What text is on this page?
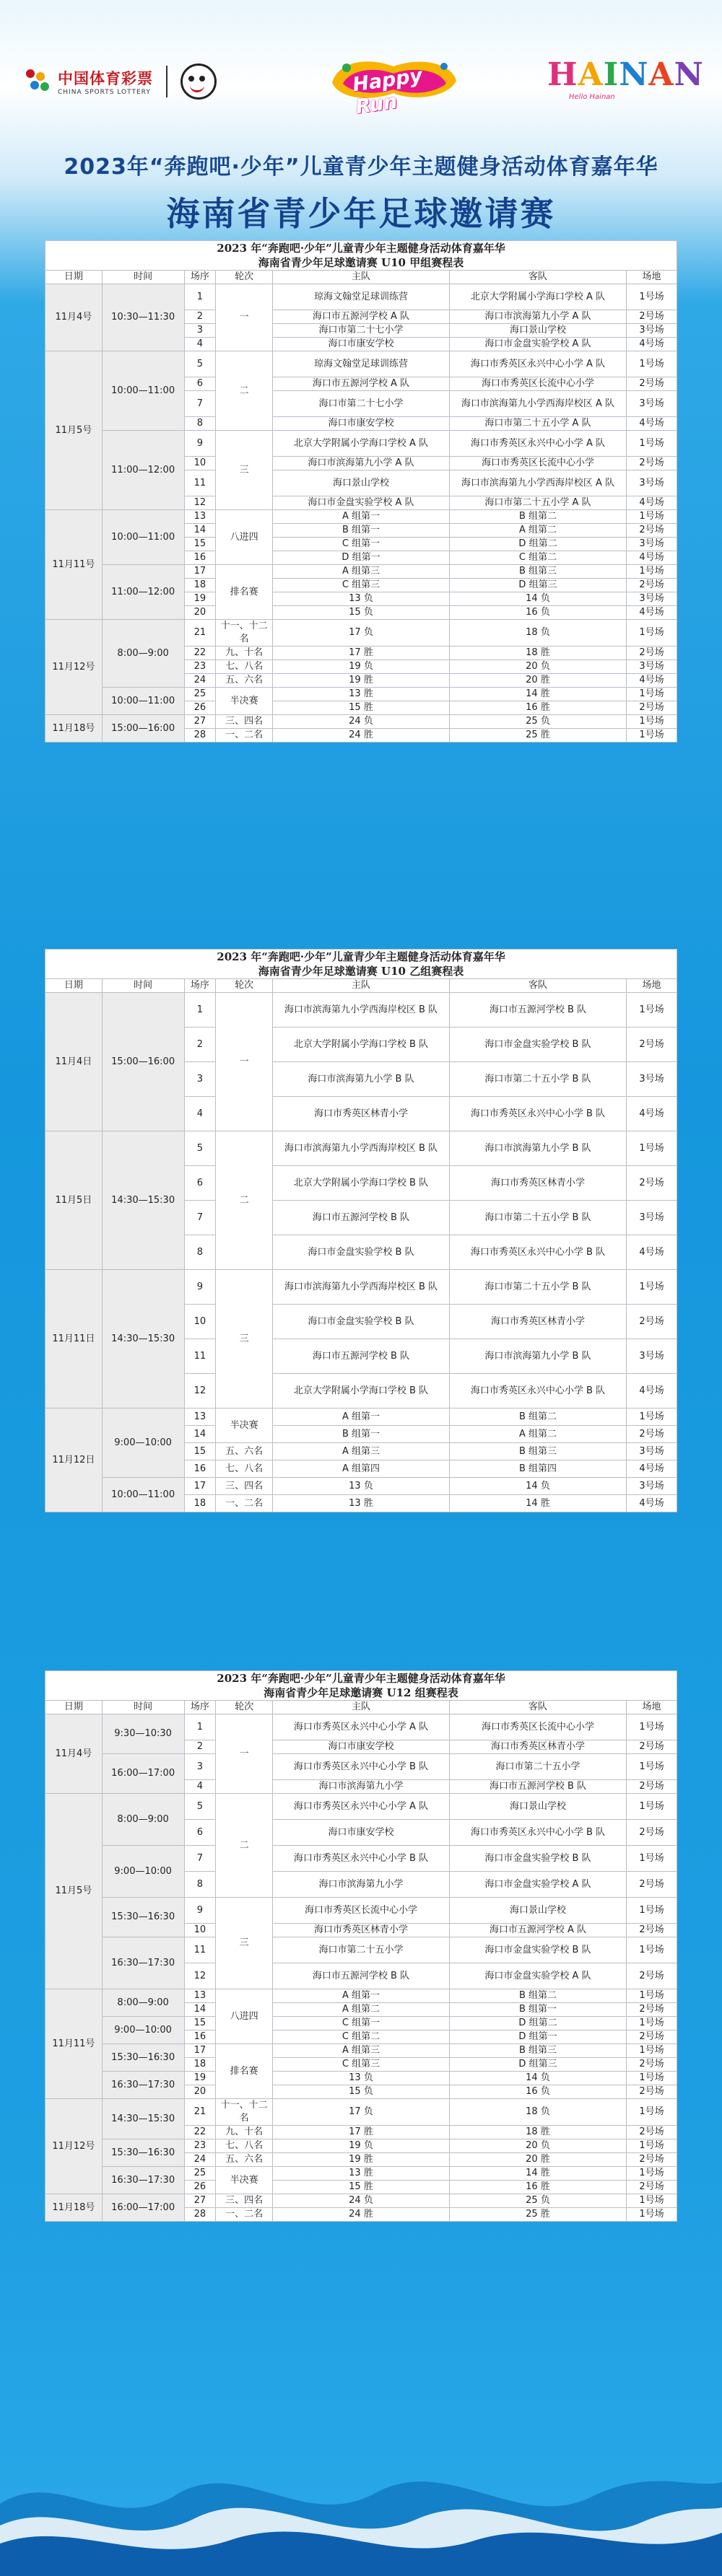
中国体育彩票
CHINA SPORTS LOTTERY	Happy Run
HAINAN
Hello Hainan
2023年“奔跑吧·少年”儿童青少年主题健身活动体育嘉年华
海南省青少年足球邀请赛
2023 年“奔跑吧·少年”儿童青少年主题健身活动体育嘉年华						
海南省青少年足球邀请赛 U10 甲组赛程表						
日期	时间	场序	轮次	主队	客队	场地
11月4号	10:30—11:30	1	一	琼海文翰堂足球训练营	北京大学附属小学海口学校 A 队	1号场
		2		海口市五源河学校 A 队	海口市滨海第九小学 A 队	2号场
		3		海口市第二十七小学	海口景山学校	3号场
		4		海口市康安学校	海口市金盘实验学校 A 队	4号场
11月5号	10:00—11:00	5	二	琼海文翰堂足球训练营	海口市秀英区永兴中心小学 A 队	1号场
		6		海口市五源河学校 A 队	海口市秀英区长流中心小学	2号场
		7		海口市第二十七小学	海口市滨海第九小学西海岸校区 A 队	3号场
		8		海口市康安学校	海口市第二十五小学 A 队	4号场
	11:00—12:00	9	三	北京大学附属小学海口学校 A 队	海口市秀英区永兴中心小学 A 队	1号场
		10		海口市滨海第九小学 A 队	海口市秀英区长流中心小学	2号场
		11		海口景山学校	海口市滨海第九小学西海岸校区 A 队	3号场
		12		海口市金盘实验学校 A 队	海口市第二十五小学 A 队	4号场
11月11号	10:00—11:00	13	八进四	A 组第一	B 组第二	1号场
		14		B 组第一	A 组第二	2号场
		15		C 组第一	D 组第二	3号场
		16		D 组第一	C 组第二	4号场
	11:00—12:00	17	排名赛	A 组第三	B 组第三	1号场
		18		C 组第三	D 组第三	2号场
		19		13 负	14 负	3号场
		20		15 负	16 负	4号场
11月12号	8:00—9:00	21	十一、十二名	17 负	18 负	1号场
		22	九、十名	17 胜	18 胜	2号场
		23	七、八名	19 负	20 负	3号场
		24	五、六名	19 胜	20 胜	4号场
	10:00—11:00	25	半决赛	13 胜	14 胜	1号场
		26		15 胜	16 胜	2号场
11月18号	15:00—16:00	27	三、四名	24 负	25 负	1号场
		28	一、二名	24 胜	25 胜	1号场
2023 年“奔跑吧·少年”儿童青少年主题健身活动体育嘉年华						
海南省青少年足球邀请赛 U10 乙组赛程表						
日期	时间	场序	轮次	主队	客队	场地
11月4日	15:00—16:00	1	一	海口市滨海第九小学西海岸校区 B 队	海口市五源河学校 B 队	1号场
		2		北京大学附属小学海口学校 B 队	海口市金盘实验学校 B 队	2号场
		3		海口市滨海第九小学 B 队	海口市第二十五小学 B 队	3号场
		4		海口市秀英区林青小学	海口市秀英区永兴中心小学 B 队	4号场
11月5日	14:30—15:30	5	二	海口市滨海第九小学西海岸校区 B 队	海口市滨海第九小学 B 队	1号场
		6		北京大学附属小学海口学校 B 队	海口市秀英区林青小学	2号场
		7		海口市五源河学校 B 队	海口市第二十五小学 B 队	3号场
		8		海口市金盘实验学校 B 队	海口市秀英区永兴中心小学 B 队	4号场
11月11日	14:30—15:30	9	三	海口市滨海第九小学西海岸校区 B 队	海口市第二十五小学 B 队	1号场
		10		海口市金盘实验学校 B 队	海口市秀英区林青小学	2号场
		11		海口市五源河学校 B 队	海口市滨海第九小学 B 队	3号场
		12		北京大学附属小学海口学校 B 队	海口市秀英区永兴中心小学 B 队	4号场
11月12日	9:00—10:00	13	半决赛	A 组第一	B 组第二	1号场
		14		B 组第一	A 组第二	2号场
		15	五、六名	A 组第三	B 组第三	3号场
		16	七、八名	A 组第四	B 组第四	4号场
	10:00—11:00	17	三、四名	13 负	14 负	3号场
		18	一、二名	13 胜	14 胜	4号场
2023 年“奔跑吧·少年”儿童青少年主题健身活动体育嘉年华						
海南省青少年足球邀请赛 U12 组赛程表						
日期	时间	场序	轮次	主队	客队	场地
11月4号	9:30—10:30	1	一	海口市秀英区永兴中心小学 A 队	海口市秀英区长流中心小学	1号场
		2		海口市康安学校	海口市秀英区林青小学	2号场
	16:00—17:00	3		海口市秀英区永兴中心小学 B 队	海口市第二十五小学	1号场
		4		海口市滨海第九小学	海口市五源河学校 B 队	2号场
11月5号	8:00—9:00	5	二	海口市秀英区永兴中心小学 A 队	海口景山学校	1号场
		6		海口市康安学校	海口市秀英区永兴中心小学 B 队	2号场
	9:00—10:00	7		海口市秀英区永兴中心小学 B 队	海口市金盘实验学校 B 队	1号场
		8		海口市滨海第九小学	海口市金盘实验学校 A 队	2号场
	15:30—16:30	9	三	海口市秀英区长流中心小学	海口景山学校	1号场
		10		海口市秀英区林青小学	海口市五源河学校 A 队	2号场
	16:30—17:30	11		海口市第二十五小学	海口市金盘实验学校 B 队	1号场
		12		海口市五源河学校 B 队	海口市金盘实验学校 A 队	2号场
11月11号	8:00—9:00	13	八进四	A 组第一	B 组第二	1号场
		14		A 组第二	B 组第一	2号场
	9:00—10:00	15		C 组第一	D 组第二	1号场
		16		C 组第二	D 组第一	2号场
	15:30—16:30	17	排名赛	A 组第三	B 组第三	1号场
		18		C 组第三	D 组第三	2号场
	16:30—17:30	19		13 负	14 负	1号场
		20		15 负	16 负	2号场
11月12号	14:30—15:30	21	十一、十二名	17 负	18 负	1号场
		22	九、十名	17 胜	18 胜	2号场
	15:30—16:30	23	七、八名	19 负	20 负	1号场
		24	五、六名	19 胜	20 胜	2号场
	16:30—17:30	25	半决赛	13 胜	14 胜	1号场
		26		15 胜	16 胜	2号场
11月18号	16:00—17:00	27	三、四名	24 负	25 负	1号场
		28	一、二名	24 胜	25 胜	1号场
